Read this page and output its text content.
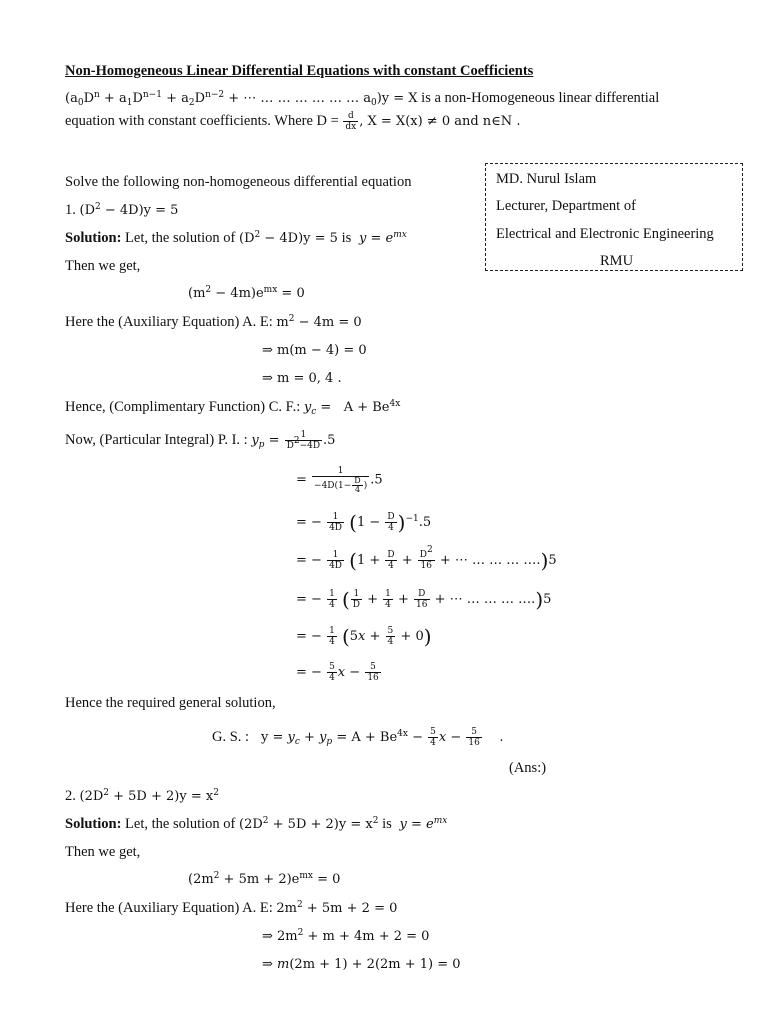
Non-Homogeneous Linear Differential Equations with constant Coefficients
($a_0D^n + a_1D^{n-1} + a_2D^{n-2}$ + ⋯ … … … … … … $a_0)y = X$ is a non-Homogeneous linear differential
equation with constant coefficients. Where $D = \frac{d}{dx}$ , X = X(x) ≠ 0 and n∈N .
MD. Nurul Islam
Lecturer, Department of
Electrical and Electronic Engineering
RMU
Solve the following non-homogeneous differential equation
1. $(D^2 - 4D)y = 5$
Solution: Let, the solution of $(D^2 - 4D)y = 5$ is $y = e^{mx}$
Then we get,
$(m^2 - 4m)e^{mx} = 0$
Here the (Auxiliary Equation) A. E: $m^2 - 4m = 0$
⇒ m(m − 4) = 0
⇒ m = 0, 4 .
Hence, (Complimentary Function) C. F.: $y_c = A + Be^{4x}$
Now, (Particular Integral) P. I. : $y_p = \frac{1}{D^2-4D} .5$
= $\frac{1}{-4D(1- \frac{D}{4} )} .5$
= − $\frac{1}{4D} (1 - \frac{D}{4} )^{-1}.5$
= − $\frac{1}{4D} (1 + \frac{D}{4} + \frac{D^2}{16}$ + ⋯ … … … ….)5
= − $\frac{1}{4}$ ( $\frac{1}{D} + \frac{1}{4} + \frac{D}{16}$ + ⋯ … … … ….)5
= − $\frac{1}{4} (5x + \frac{5}{4} + 0)$
= − $\frac{5}{4}$ $x - \frac{5}{16}$
Hence the required general solution,
G. S. :   $y = y_c + y_p = A + Be^{4x} - \frac{5}{4}$ $x - \frac{5}{16}$ .
(Ans:)
2. $(2D^2 + 5D + 2)y = x^2$
Solution: Let, the solution of $(2D^2 + 5D + 2)y = x^2$ is $y = e^{mx}$
Then we get,
$(2m^2 + 5m + 2)e^{mx} = 0$
Here the (Auxiliary Equation) A. E: $2m^2 + 5m + 2 = 0$
⇒ $2m^2 + m + 4m + 2 = 0$
⇒ m(2m + 1) + 2(2m + 1) = 0
